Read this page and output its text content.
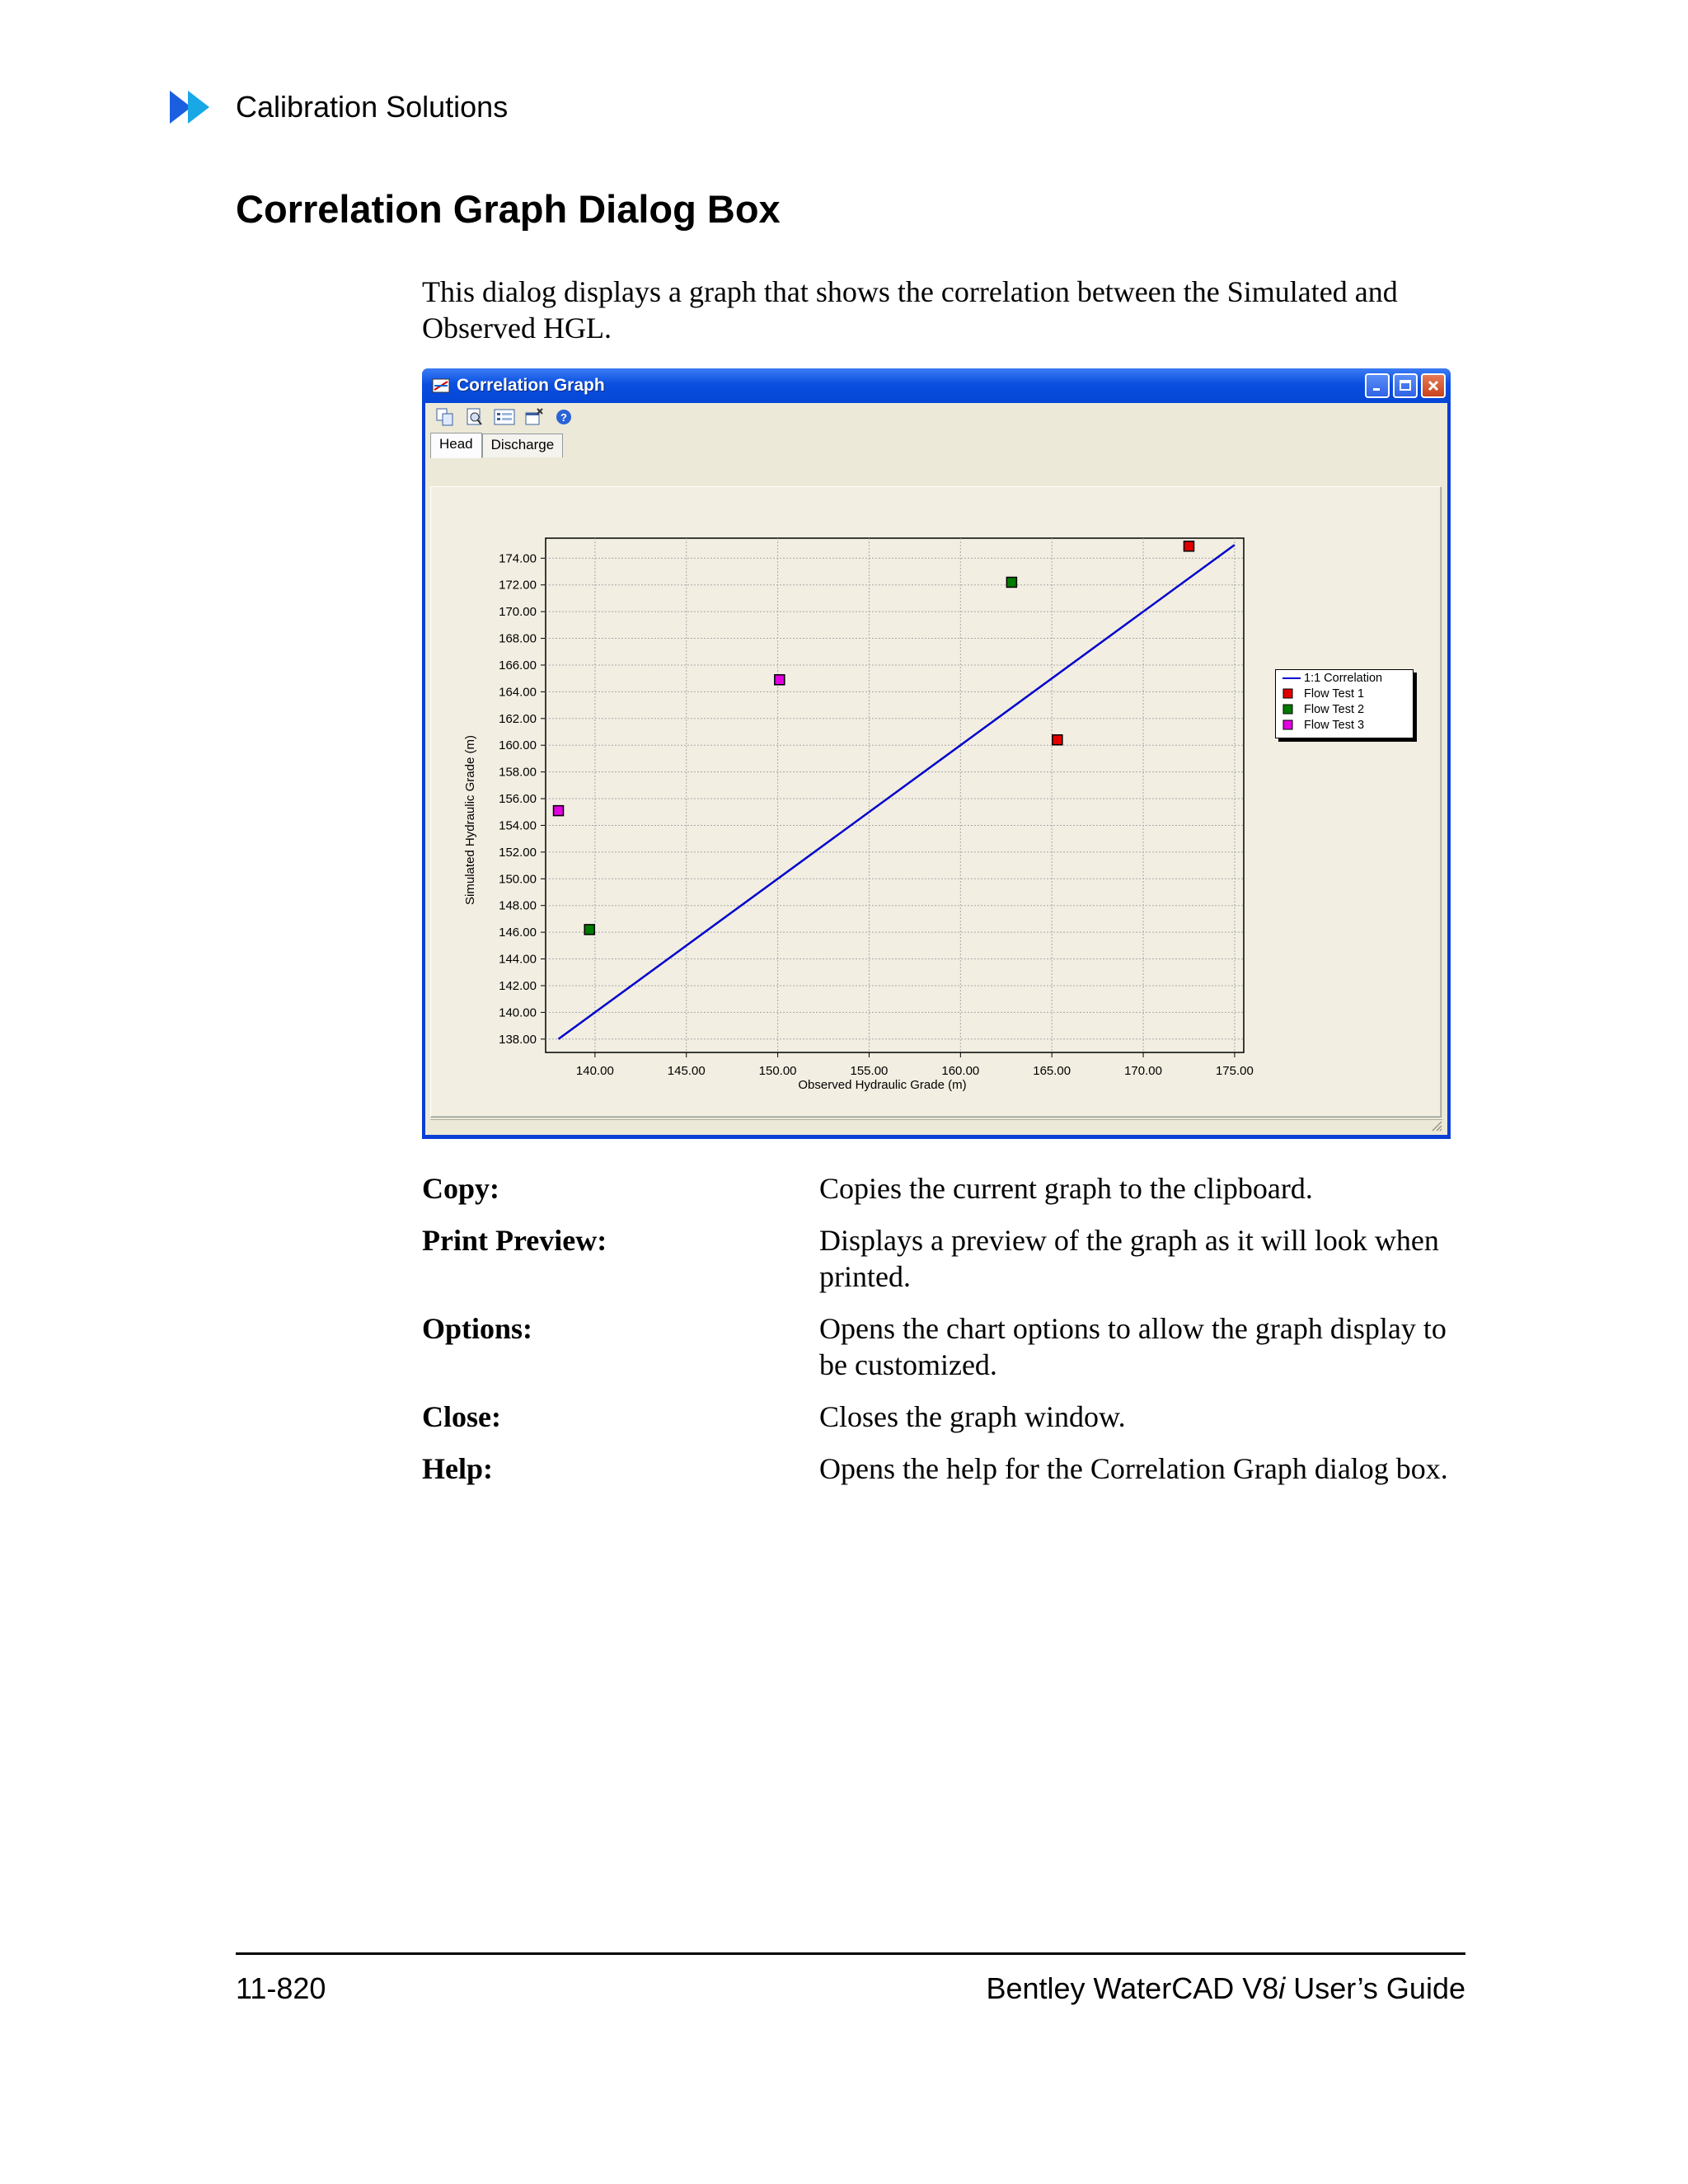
Calibration Solutions
Correlation Graph Dialog Box

This dialog displays a graph that shows the correlation between the Simulated and Observed HGL.

Correlation Graph
?
Head	Discharge
140.00	145.00	150.00	155.00	160.00	165.00	170.00	175.00
138.00
140.00
142.00
144.00
146.00
148.00
150.00
152.00
154.00
156.00
158.00
160.00
162.00
164.00
166.00
168.00
170.00
172.00
174.00
Observed Hydraulic Grade (m)
Simulated Hydraulic Grade (m)
1:1 Correlation
Flow Test 1
Flow Test 2
Flow Test 3
Copy:	Copies the current graph to the clipboard.
Print Preview:	Displays a preview of the graph as it will look when printed.
Options:	Opens the chart options to allow the graph display to be customized.
Close:	Closes the graph window.
Help:	Opens the help for the Correlation Graph dialog box.
11-820	Bentley WaterCAD V8i User’s Guide
